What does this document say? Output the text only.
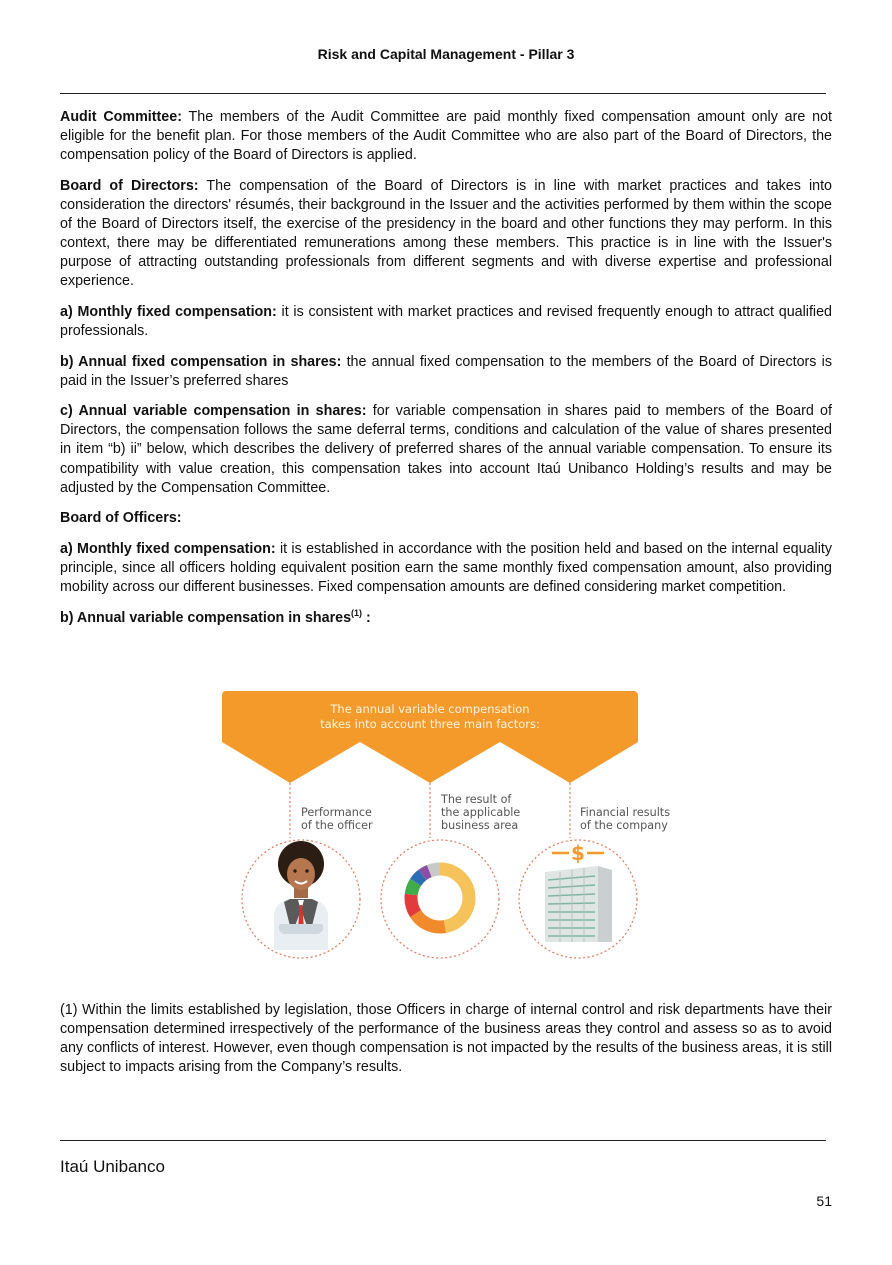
Risk and Capital Management - Pillar 3

Audit Committee: The members of the Audit Committee are paid monthly fixed compensation amount only are not eligible for the benefit plan. For those members of the Audit Committee who are also part of the Board of Directors, the compensation policy of the Board of Directors is applied.

Board of Directors: The compensation of the Board of Directors is in line with market practices and takes into consideration the directors' résumés, their background in the Issuer and the activities performed by them within the scope of the Board of Directors itself, the exercise of the presidency in the board and other functions they may perform. In this context, there may be differentiated remunerations among these members. This practice is in line with the Issuer's purpose of attracting outstanding professionals from different segments and with diverse expertise and professional experience.

a) Monthly fixed compensation: it is consistent with market practices and revised frequently enough to attract qualified professionals.

b) Annual fixed compensation in shares: the annual fixed compensation to the members of the Board of Directors is paid in the Issuer’s preferred shares

c) Annual variable compensation in shares: for variable compensation in shares paid to members of the Board of Directors, the compensation follows the same deferral terms, conditions and calculation of the value of shares presented in item “b) ii” below, which describes the delivery of preferred shares of the annual variable compensation. To ensure its compatibility with value creation, this compensation takes into account Itaú Unibanco Holding’s results and may be adjusted by the Compensation Committee.

Board of Officers:

a) Monthly fixed compensation: it is established in accordance with the position held and based on the internal equality principle, since all officers holding equivalent position earn the same monthly fixed compensation amount, also providing mobility across our different businesses. Fixed compensation amounts are defined considering market competition.

b) Annual variable compensation in shares$^{(1)}$ :

The annual variable compensation
takes into account three main factors:
Performance
of the officer
The result of
the applicable
business area
Financial results
of the company
$
(1) Within the limits established by legislation, those Officers in charge of internal control and risk departments have their compensation determined irrespectively of the performance of the business areas they control and assess so as to avoid any conflicts of interest. However, even though compensation is not impacted by the results of the business areas, it is still subject to impacts arising from the Company’s results.
Itaú Unibanco
51
